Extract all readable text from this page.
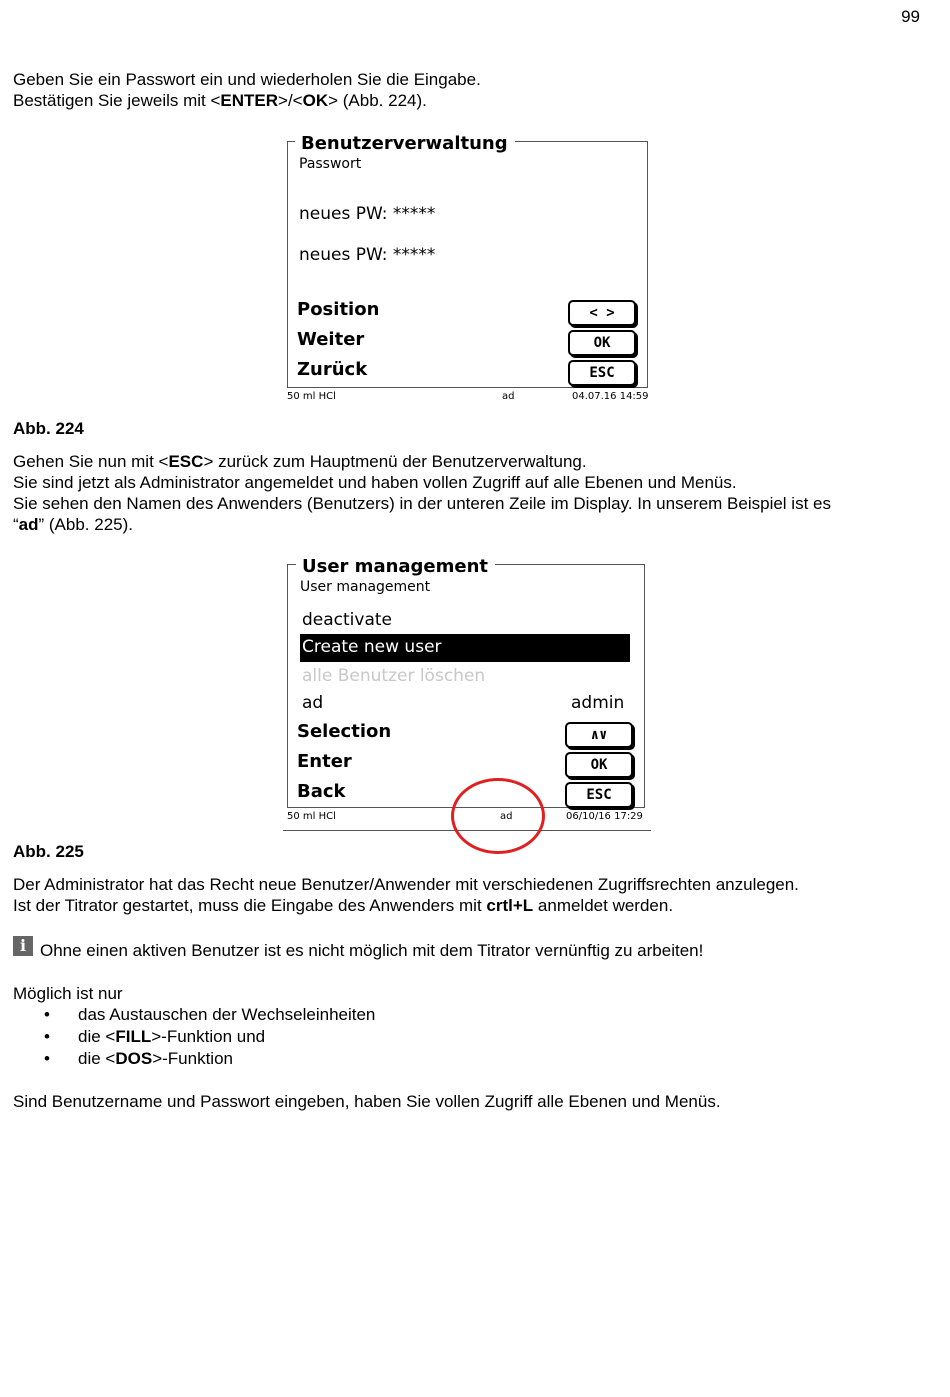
99

Geben Sie ein Passwort ein und wiederholen Sie die Eingabe.
Bestätigen Sie jeweils mit <ENTER>/<OK> (Abb. 224).

Benutzerverwaltung
Passwort
neues PW: *****
neues PW: *****
Position	< >
Weiter	OK
Zurück	ESC
50 ml HCl	ad	04.07.16 14:59
Abb. 224

Gehen Sie nun mit <ESC> zurück zum Hauptmenü der Benutzerverwaltung.
Sie sind jetzt als Administrator angemeldet und haben vollen Zugriff auf alle Ebenen und Menüs.
Sie sehen den Namen des Anwenders (Benutzers) in der unteren Zeile im Display. In unserem Beispiel ist es
“ad” (Abb. 225).

User management
User management
deactivate
Create new user
alle Benutzer löschen
ad	admin
Selection	∧∨
Enter	OK
Back	ESC
50 ml HCl	ad	06/10/16 17:29
Abb. 225

Der Administrator hat das Recht neue Benutzer/Anwender mit verschiedenen Zugriffsrechten anzulegen.
Ist der Titrator gestartet, muss die Eingabe des Anwenders mit crtl+L anmeldet werden.

i Ohne einen aktiven Benutzer ist es nicht möglich mit dem Titrator vernünftig zu arbeiten!
Möglich ist nur
• das Austauschen der Wechseleinheiten
• die <FILL>-Funktion und
• die <DOS>-Funktion
Sind Benutzername und Passwort eingeben, haben Sie vollen Zugriff alle Ebenen und Menüs.
